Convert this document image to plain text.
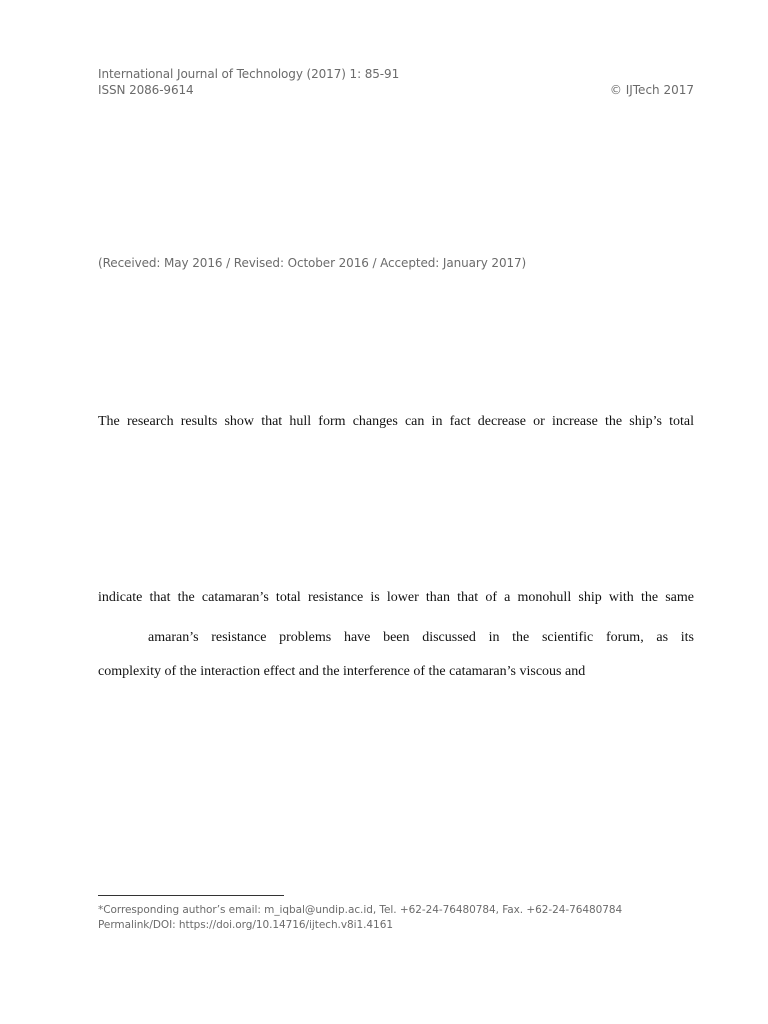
International Journal of Technology (2017) 1: 85-91
ISSN 2086-9614	© IJTech 2017
(Received: May 2016 / Revised: October 2016 / Accepted: January 2017)
The research results show that hull form changes can in fact decrease or increase the ship’s total
indicate that the catamaran’s total resistance is lower than that of a monohull ship with the same
amaran’s resistance problems have been discussed in the scientific forum, as its
complexity of the interaction effect and the interference of the catamaran’s viscous and
*Corresponding author’s email: m_iqbal@undip.ac.id, Tel. +62-24-76480784, Fax. +62-24-76480784
Permalink/DOI: https://doi.org/10.14716/ijtech.v8i1.4161
